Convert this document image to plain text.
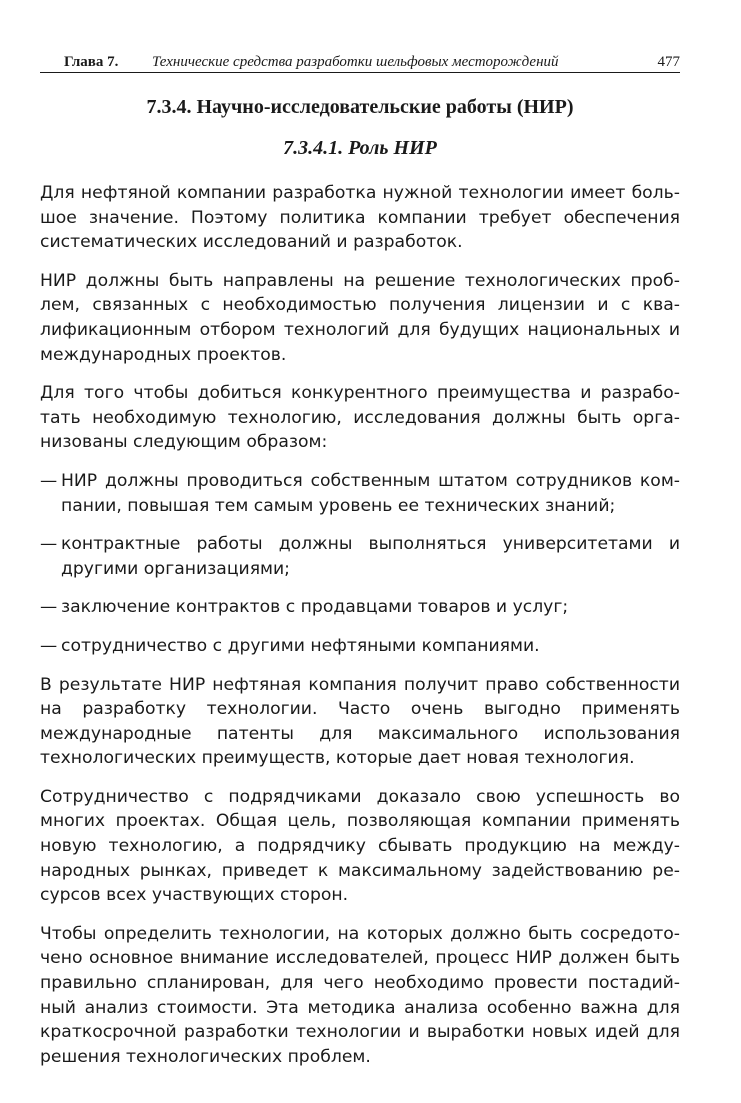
Глава 7. Технические средства разработки шельфовых месторождений	477
7.3.4. Научно-исследовательские работы (НИР)
7.3.4.1. Роль НИР

Для нефтяной компании разработка нужной технологии имеет большое значение. Поэтому политика компании требует обеспечения систематических исследований и разработок.

НИР должны быть направлены на решение технологических проблем, связанных с необходимостью получения лицензии и с квалификационным отбором технологий для будущих национальных и международных проектов.

Для того чтобы добиться конкурентного преимущества и разработать необходимую технологию, исследования должны быть организованы следующим образом:

— НИР должны проводиться собственным штатом сотрудников компании, повышая тем самым уровень ее технических знаний;
— контрактные работы должны выполняться университетами и другими организациями;
— заключение контрактов с продавцами товаров и услуг;
— сотрудничество с другими нефтяными компаниями.

В результате НИР нефтяная компания получит право собственности на разработку технологии. Часто очень выгодно применять международные патенты для максимального использования технологических преимуществ, которые дает новая технология.

Сотрудничество с подрядчиками доказало свою успешность во многих проектах. Общая цель, позволяющая компании применять новую технологию, а подрядчику сбывать продукцию на международных рынках, приведет к максимальному задействованию ресурсов всех участвующих сторон.

Чтобы определить технологии, на которых должно быть сосредоточено основное внимание исследователей, процесс НИР должен быть правильно спланирован, для чего необходимо провести постадийный анализ стоимости. Эта методика анализа особенно важна для краткосрочной разработки технологии и выработки новых идей для решения технологических проблем.
